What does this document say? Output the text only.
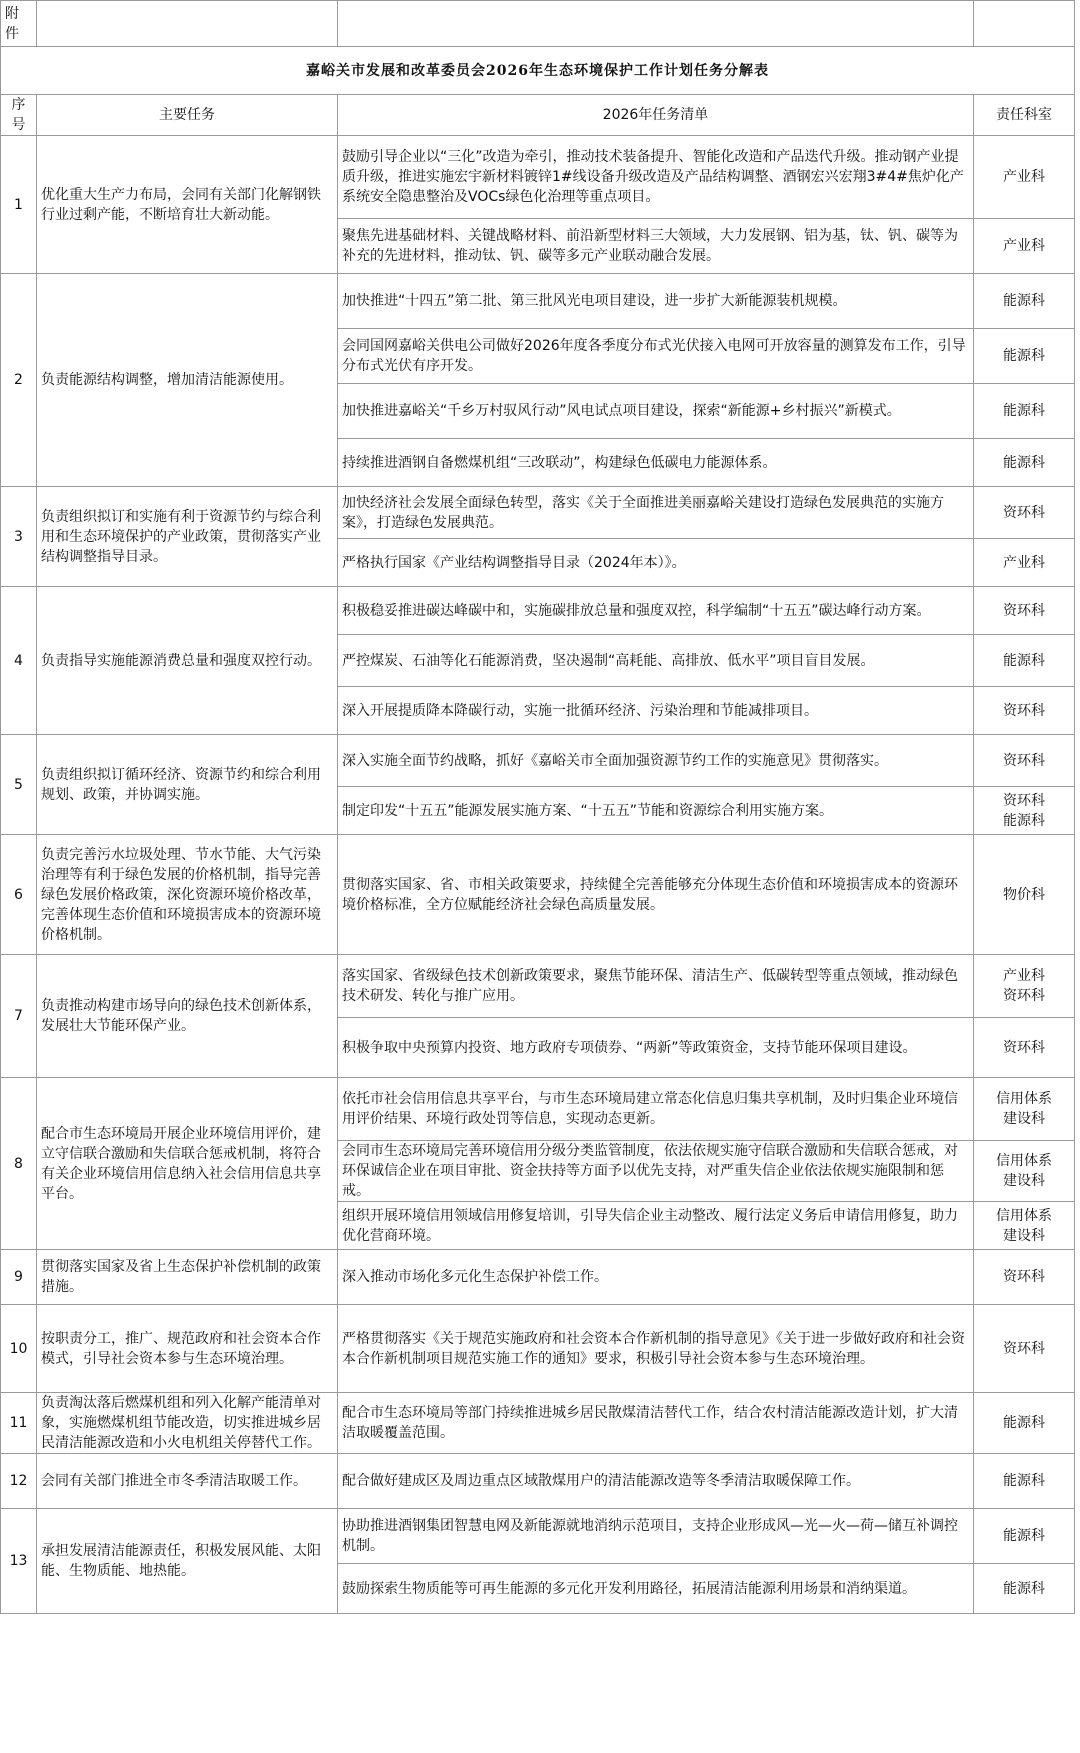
附件			
嘉峪关市发展和改革委员会2026年生态环境保护工作计划任务分解表			
序号	主要任务	2026年任务清单	责任科室
1	优化重大生产力布局，会同有关部门化解钢铁行业过剩产能，不断培育壮大新动能。	鼓励引导企业以“三化”改造为牵引，推动技术装备提升、智能化改造和产品迭代升级。推动钢产业提质升级，推进实施宏宇新材料镀锌1#线设备升级改造及产品结构调整、酒钢宏兴宏翔3#4#焦炉化产系统安全隐患整治及VOCs绿色化治理等重点项目。	产业科

		聚焦先进基础材料、关键战略材料、前沿新型材料三大领域，大力发展钢、铝为基，钛、钒、碳等为补充的先进材料，推动钛、钒、碳等多元产业联动融合发展。	产业科

2	负责能源结构调整，增加清洁能源使用。	加快推进“十四五”第二批、第三批风光电项目建设，进一步扩大新能源装机规模。	能源科

		会同国网嘉峪关供电公司做好2026年度各季度分布式光伏接入电网可开放容量的测算发布工作，引导分布式光伏有序开发。	能源科

		加快推进嘉峪关“千乡万村驭风行动”风电试点项目建设，探索“新能源+乡村振兴”新模式。	能源科

		持续推进酒钢自备燃煤机组“三改联动”，构建绿色低碳电力能源体系。	能源科

3	负责组织拟订和实施有利于资源节约与综合利用和生态环境保护的产业政策，贯彻落实产业结构调整指导目录。	加快经济社会发展全面绿色转型，落实《关于全面推进美丽嘉峪关建设打造绿色发展典范的实施方案》，打造绿色发展典范。	资环科

		严格执行国家《产业结构调整指导目录（2024年本）》。	产业科

4	负责指导实施能源消费总量和强度双控行动。	积极稳妥推进碳达峰碳中和，实施碳排放总量和强度双控，科学编制“十五五”碳达峰行动方案。	资环科

		严控煤炭、石油等化石能源消费，坚决遏制“高耗能、高排放、低水平”项目盲目发展。	能源科

		深入开展提质降本降碳行动，实施一批循环经济、污染治理和节能减排项目。	资环科

5	负责组织拟订循环经济、资源节约和综合利用规划、政策，并协调实施。	深入实施全面节约战略，抓好《嘉峪关市全面加强资源节约工作的实施意见》贯彻落实。	资环科

		制定印发“十五五”能源发展实施方案、“十五五”节能和资源综合利用实施方案。	资环科
能源科

6	负责完善污水垃圾处理、节水节能、大气污染治理等有利于绿色发展的价格机制，指导完善绿色发展价格政策，深化资源环境价格改革，完善体现生态价值和环境损害成本的资源环境价格机制。	贯彻落实国家、省、市相关政策要求，持续健全完善能够充分体现生态价值和环境损害成本的资源环境价格标准，全方位赋能经济社会绿色高质量发展。	物价科

7	负责推动构建市场导向的绿色技术创新体系，发展壮大节能环保产业。	落实国家、省级绿色技术创新政策要求，聚焦节能环保、清洁生产、低碳转型等重点领域，推动绿色技术研发、转化与推广应用。	产业科
资环科

		积极争取中央预算内投资、地方政府专项债券、“两新”等政策资金，支持节能环保项目建设。	资环科

8	配合市生态环境局开展企业环境信用评价，建立守信联合激励和失信联合惩戒机制，将符合有关企业环境信用信息纳入社会信用信息共享平台。	依托市社会信用信息共享平台，与市生态环境局建立常态化信息归集共享机制，及时归集企业环境信用评价结果、环境行政处罚等信息，实现动态更新。	信用体系
建设科

		会同市生态环境局完善环境信用分级分类监管制度，依法依规实施守信联合激励和失信联合惩戒，对环保诚信企业在项目审批、资金扶持等方面予以优先支持，对严重失信企业依法依规实施限制和惩戒。	信用体系
建设科

		组织开展环境信用领域信用修复培训，引导失信企业主动整改、履行法定义务后申请信用修复，助力优化营商环境。	信用体系
建设科

9	贯彻落实国家及省上生态保护补偿机制的政策措施。	深入推动市场化多元化生态保护补偿工作。	资环科

10	按职责分工，推广、规范政府和社会资本合作模式，引导社会资本参与生态环境治理。	严格贯彻落实《关于规范实施政府和社会资本合作新机制的指导意见》《关于进一步做好政府和社会资本合作新机制项目规范实施工作的通知》要求，积极引导社会资本参与生态环境治理。	资环科

11	负责淘汰落后燃煤机组和列入化解产能清单对象，实施燃煤机组节能改造，切实推进城乡居民清洁能源改造和小火电机组关停替代工作。	配合市生态环境局等部门持续推进城乡居民散煤清洁替代工作，结合农村清洁能源改造计划，扩大清洁取暖覆盖范围。	能源科

12	会同有关部门推进全市冬季清洁取暖工作。	配合做好建成区及周边重点区域散煤用户的清洁能源改造等冬季清洁取暖保障工作。	能源科

13	承担发展清洁能源责任，积极发展风能、太阳能、生物质能、地热能。	协助推进酒钢集团智慧电网及新能源就地消纳示范项目，支持企业形成风—光—火—荷—储互补调控机制。	能源科

		鼓励探索生物质能等可再生能源的多元化开发利用路径，拓展清洁能源利用场景和消纳渠道。	能源科
